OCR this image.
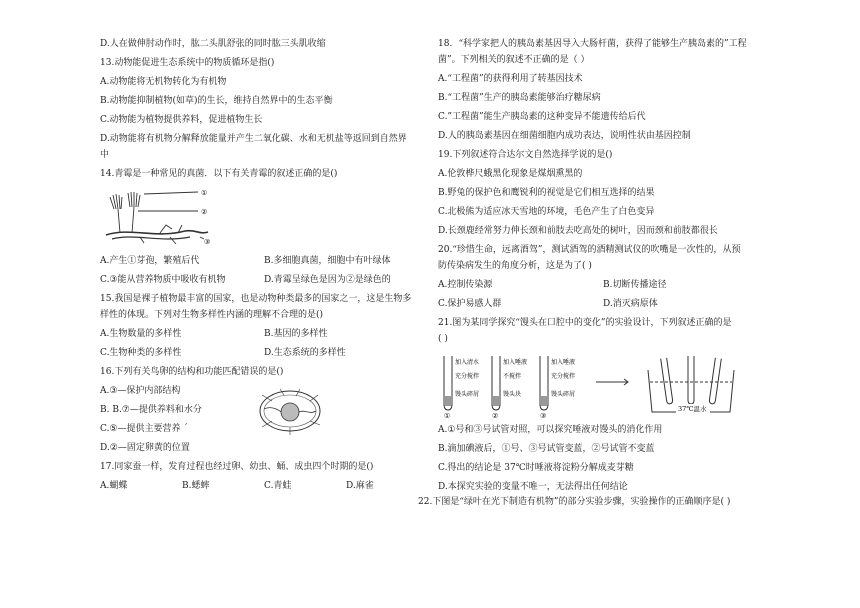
D.人在做伸肘动作时，肱二头肌舒张的同时肱三头肌收缩
13.动物能促进生态系统中的物质循环是指()
A.动物能将无机物转化为有机物
B.动物能抑制植物(如草)的生长，维持自然界中的生态平衡
C.动物能为植物提供养料，促进植物生长
D.动物能将有机物分解释放能量并产生二氧化碳、水和无机盐等返回到自然界
中
14.青霉是一种常见的真菌．以下有关青霉的叙述正确的是()
①
②
③
A.产生①芽孢，繁殖后代	B.多细胞真菌，细胞中有叶绿体
C.③能从营养物质中吸收有机物	D.青霉呈绿色是因为②是绿色的
15.我国是裸子植物最丰富的国家，也是动物种类最多的国家之一，这是生物多
样性的体现。下列对生物多样性内涵的理解不合理的是()
A.生物数量的多样性	B.基因的多样性
C.生物种类的多样性	D.生态系统的多样性
16.下列有关鸟卵的结构和功能匹配错误的是()
A.③—保护内部结构
B. B.⑦—提供养料和水分
C.⑤—提供主要营养 ˊ
D.②—固定卵黄的位置
17.同家蚕一样，发育过程也经过卵、幼虫、蛹、成虫四个时期的是()
A.蝴蝶	B.蟋蟀	C.青蛙	D.麻雀
18．“科学家把人的胰岛素基因导入大肠杆菌，获得了能够生产胰岛素的”工程
菌”。下列相关的叙述不正确的是（ ）
A.“工程菌”的获得利用了转基因技术
B.“工程菌”生产的胰岛素能够治疗糖尿病
C.”工程菌”能生产胰岛素的这种变异不能遗传给后代
D.人的胰岛素基因在细菌细胞内成功表达，说明性状由基因控制
19.下列叙述符合达尔文自然选择学说的是()
A.伦敦桦尺蛾黑化现象是煤烟熏黑的
B.野兔的保护色和鹰锐利的视觉是它们相互选择的结果
C.北极熊为适应冰天雪地的环境，毛色产生了白色变异
D.长颈鹿经常努力伸长颈和前肢去吃高处的树叶，因而颈和前肢都很长
20.“珍惜生命，远离酒驾”，测试酒驾的酒精测试仪的吹嘴是一次性的，从预
防传染病发生的角度分析，这是为了( )
A.控制传染源	B.切断传播途径
C.保护易感人群	D.消灭病原体
21.图为某同学探究“馒头在口腔中的变化”的实验设计，下列叙述正确的是
( )
加入清水
充分搅拌
馒头碎屑
加入唾液
不搅拌
馒头块
加入唾液
充分搅拌
馒头碎屑
①	②	③
37℃温水
A.①号和③号试管对照，可以探究唾液对馒头的消化作用
B.滴加碘液后，①号、③号试管变蓝，②号试管不变蓝
C.得出的结论是 37℃时唾液将淀粉分解成麦芽糖
D.本探究实验的变量不唯一，无法得出任何结论
22.下图是“绿叶在光下制造有机物”的部分实验步骤，实验操作的正确顺序是( )
